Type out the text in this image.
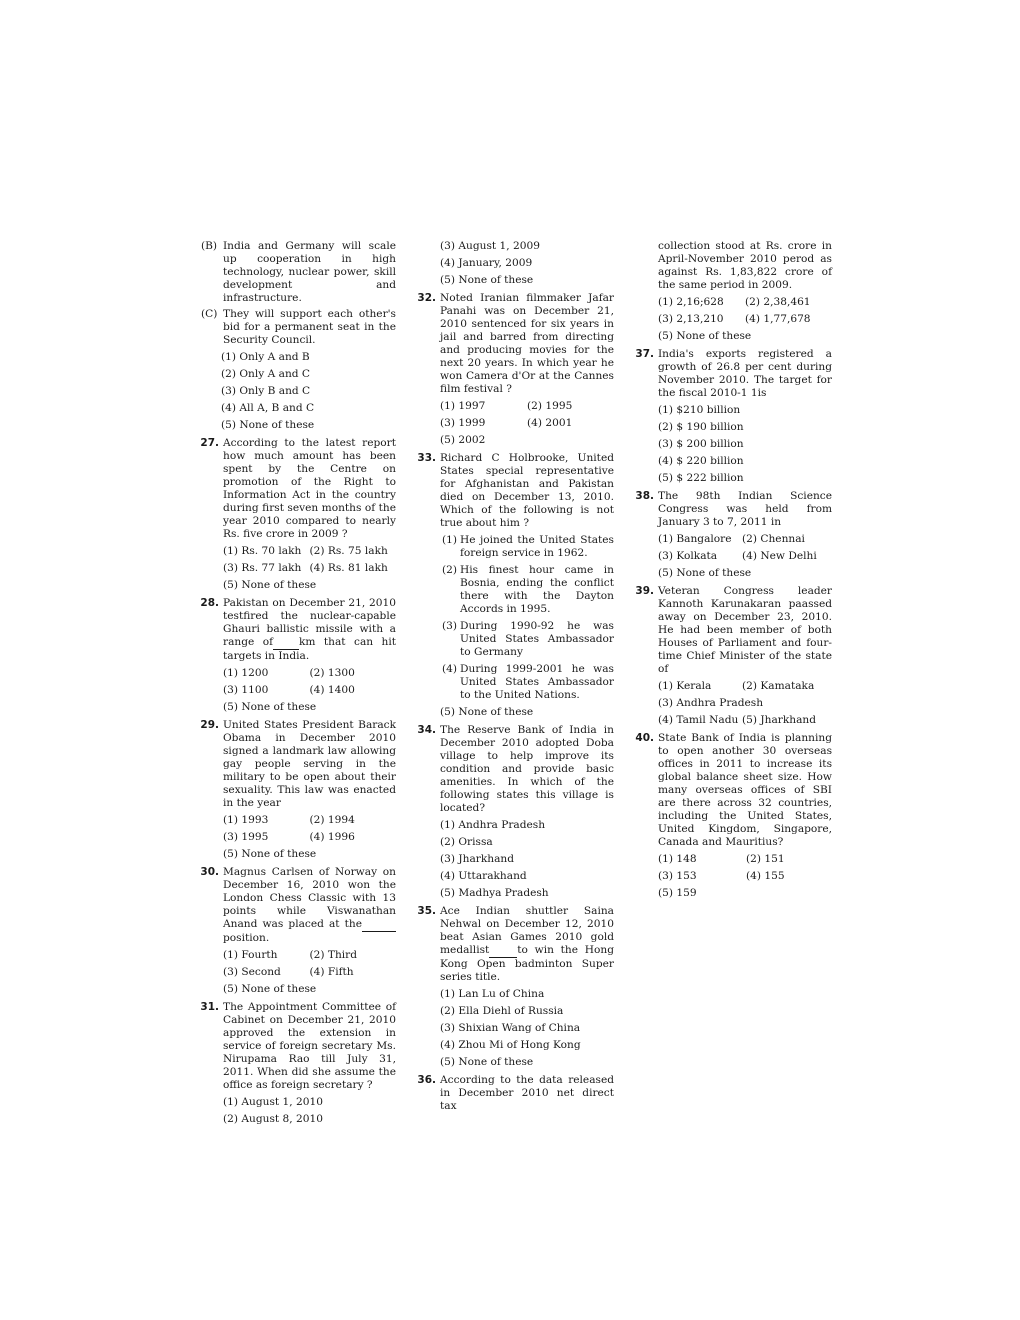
(B) India and Germany will scale up cooperation in high technology, nuclear power, skill development and infrastructure.
(C) They will support each other's bid for a permanent seat in the Security Council.
(1) Only A and B
(2) Only A and C
(3) Only B and C
(4) All A, B and C
(5) None of these
27. According to the latest report how much amount has been spent by the Centre on promotion of the Right to Information Act in the country during first seven months of the year 2010 compared to nearly Rs. five crore in 2009 ?

(1) Rs. 70 lakh (2) Rs. 75 lakh
(3) Rs. 77 lakh (4) Rs. 81 lakh
(5) None of these
28. Pakistan on December 21, 2010 testfired the nuclear-capable Ghauri ballistic missile with a range of km that can hit targets in India.

(1) 1200	(2) 1300
(3) 1100	(4) 1400
(5) None of these
29. United States President Barack Obama in December 2010 signed a landmark law allowing gay people serving in the military to be open about their sexuality. This law was enacted in the year

(1) 1993	(2) 1994
(3) 1995	(4) 1996
(5) None of these
30. Magnus Carlsen of Norway on December 16, 2010 won the London Chess Classic with 13 points while Viswanathan Anand was placed at the position.

(1) Fourth	(2) Third
(3) Second	(4) Fifth
(5) None of these
31. The Appointment Committee of Cabinet on December 21, 2010 approved the extension in service of foreign secretary Ms. Nirupama Rao till July 31, 2011. When did she assume the office as foreign secretary ?

(1) August 1, 2010
(2) August 8, 2010
(3) August 1, 2009
(4) January, 2009
(5) None of these
32. Noted Iranian filmmaker Jafar Panahi was on December 21, 2010 sentenced for six years in jail and barred from directing and producing movies for the next 20 years. In which year he won Camera d'Or at the Cannes film festival ?

(1) 1997	(2) 1995
(3) 1999	(4) 2001
(5) 2002
33. Richard C Holbrooke, United States special representative for Afghanistan and Pakistan died on December 13, 2010. Which of the following is not true about him ?

(1) He joined the United States foreign service in 1962.
(2) His finest hour came in Bosnia, ending the conflict there with the Dayton Accords in 1995.
(3) During 1990-92 he was United States Ambassador to Germany
(4) During 1999-2001 he was United States Ambassador to the United Nations.
(5) None of these
34. The Reserve Bank of India in December 2010 adopted Doba village to help improve its condition and provide basic amenities. In which of the following states this village is located?

(1) Andhra Pradesh
(2) Orissa
(3) Jharkhand
(4) Uttarakhand
(5) Madhya Pradesh
35. Ace Indian shuttler Saina Nehwal on December 12, 2010 beat Asian Games 2010 gold medallist	to win the Hong Kong Open badminton Super series title.

(1) Lan Lu of China
(2) Ella Diehl of Russia
(3) Shixian Wang of China
(4) Zhou Mi of Hong Kong
(5) None of these
36. According to the data released in December 2010 net direct tax

collection stood at Rs. crore in April-November 2010 perod as against Rs. 1,83,822 crore of the same period in 2009.

(1) 2,16;628	(2) 2,38,461
(3) 2,13,210	(4) 1,77,678
(5) None of these
37. India's exports registered a growth of 26.8 per cent during November 2010. The target for the fiscal 2010-1 1is

(1) $210 billion
(2) $ 190 billion
(3) $ 200 billion
(4) $ 220 billion
(5) $ 222 billion
38. The 98th Indian Science Congress was held from January 3 to 7, 2011 in

(1) Bangalore (2) Chennai
(3) Kolkata	(4) New Delhi
(5) None of these
39. Veteran Congress leader Kannoth Karunakaran paassed away on December 23, 2010. He had been member of both Houses of Parliament and four-time Chief Minister of the state of

(1) Kerala	(2) Kamataka
(3) Andhra Pradesh
(4) Tamil Nadu (5) Jharkhand
40. State Bank of India is planning to open another 30 overseas offices in 2011 to increase its global balance sheet size. How many overseas offices of SBI are there across 32 countries, including the United States, United Kingdom, Singapore, Canada and Mauritius?

(1) 148	(2) 151
(3) 153	(4) 155
(5) 159
